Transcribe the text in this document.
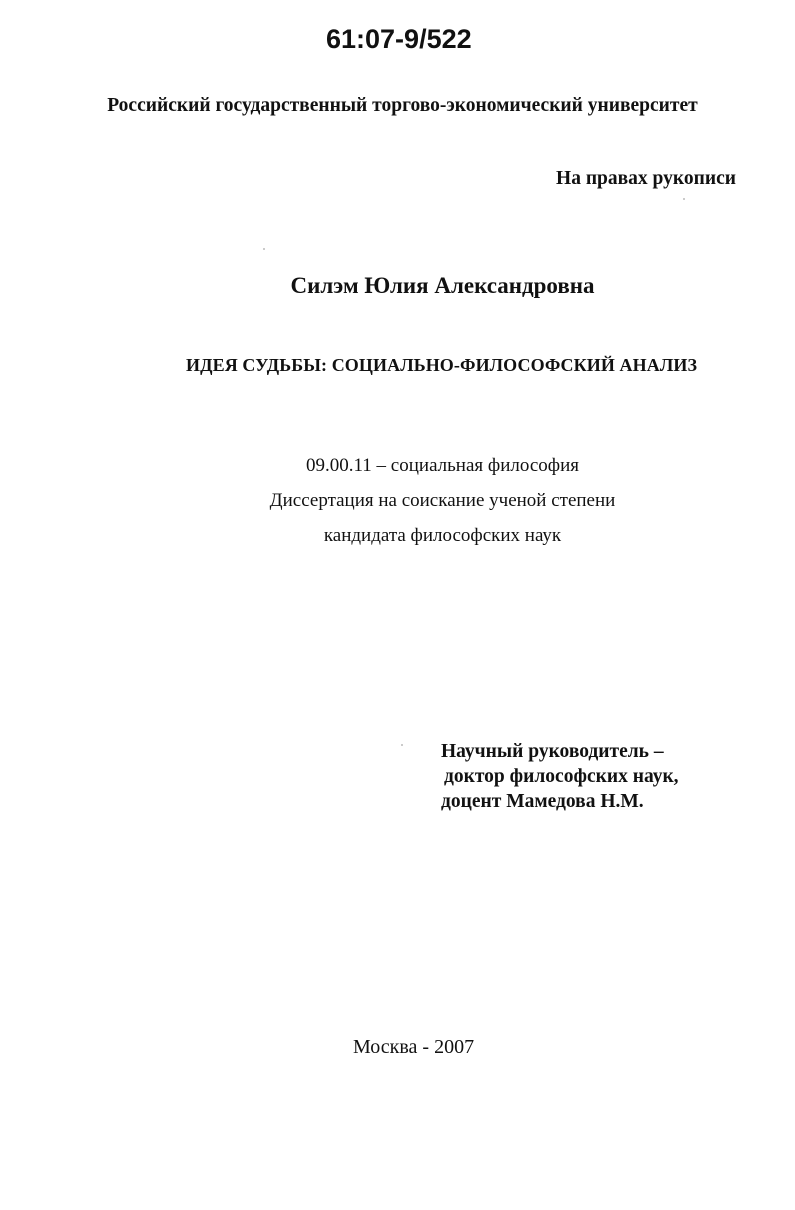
61:07-9/522
Российский государственный торгово-экономический университет
На правах рукописи
Силэм Юлия Александровна
ИДЕЯ СУДЬБЫ: СОЦИАЛЬНО-ФИЛОСОФСКИЙ АНАЛИЗ
09.00.11 – социальная философия
Диссертация на соискание ученой степени
кандидата философских наук
Научный руководитель –
доктор философских наук,
доцент Мамедова Н.М.
Москва - 2007
